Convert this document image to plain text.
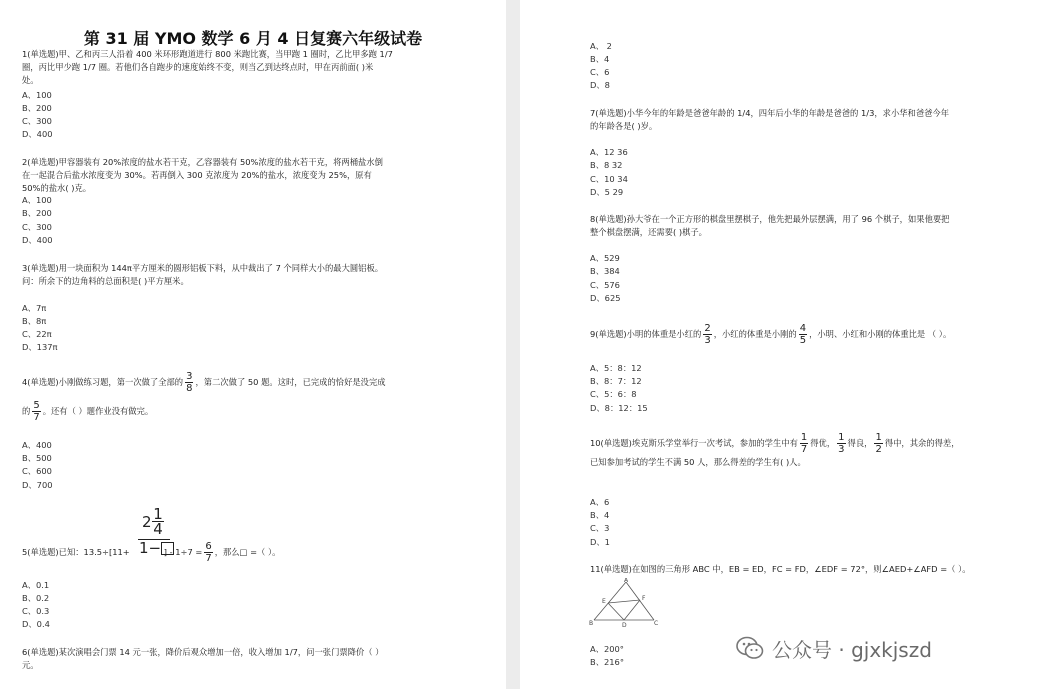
第 31 届 YMO 数学 6 月 4 日复赛六年级试卷
1(单选题)甲、乙和丙三人沿着 400 米环形跑道进行 800 米跑比赛，当甲跑 1 圈时，乙比甲多跑 1/7
圈，丙比甲少跑 1/7 圈。若他们各自跑步的速度始终不变，则当乙到达终点时，甲在丙前面( )米
处。
A、100
B、200
C、300
D、400
2(单选题)甲容器装有 20%浓度的盐水若干克，乙容器装有 50%浓度的盐水若干克，将两桶盐水倒
在一起混合后盐水浓度变为 30%。若再倒入 300 克浓度为 20%的盐水，浓度变为 25%，原有
50%的盐水( )克。
A、100
B、200
C、300
D、400
3(单选题)用一块面积为 144π平方厘米的圆形铝板下料，从中裁出了 7 个同样大小的最大圆铝板。
问：所余下的边角料的总面积是( )平方厘米。
A、7π
B、8π
C、22π
D、137π
4(单选题)小刚做练习题，第一次做了全部的 $\frac{3}{8}$ ，第二次做了 50 题。这时，已完成的恰好是没完成
的 $\frac{5}{7}$ 。还有（ ）题作业没有做完。
A、400
B、500
C、600
D、700
2 1
4
1−
5(单选题)已知：13.5÷[11+	] - $1\div 7 = \frac{6}{7}$ ，那么□ =（ ）。
A、0.1
B、0.2
C、0.3
D、0.4
6(单选题)某次演唱会门票 14 元一张，降价后观众增加一倍，收入增加 1/7，问一张门票降价（ ）
元。
A、 2
B、4
C、6
D、8
7(单选题)小华今年的年龄是爸爸年龄的 1/4，四年后小华的年龄是爸爸的 1/3，求小华和爸爸今年
的年龄各是( )岁。
A、12 36
B、8 32
C、10 34
D、5 29
8(单选题)孙大爷在一个正方形的棋盘里摆棋子，他先把最外层摆满，用了 96 个棋子，如果他要把
整个棋盘摆满，还需要( )棋子。
A、529
B、384
C、576
D、625
9(单选题)小明的体重是小红的 $\frac{2}{3}$ ，小红的体重是小刚的 $\frac{4}{5}$ ，小明、小红和小刚的体重比是 （ ）。
A、5：8：12
B、8：7：12
C、5：6：8
D、8：12：15
10(单选题)埃克斯乐学堂举行一次考试，参加的学生中有 $\frac{1}{7}$ 得优， $\frac{1}{3}$ 得良， $\frac{1}{2}$ 得中，其余的得差，
已知参加考试的学生不满 50 人，那么得差的学生有( )人。
A、6
B、4
C、3
D、1
11(单选题)在如图的三角形 ABC 中，EB = ED，FC = FD，∠EDF = 72°，则∠AED+∠AFD =（ ）。
A
E	F
B	D	C
A、200°
B、216°	公众号 · gjxkjszd
